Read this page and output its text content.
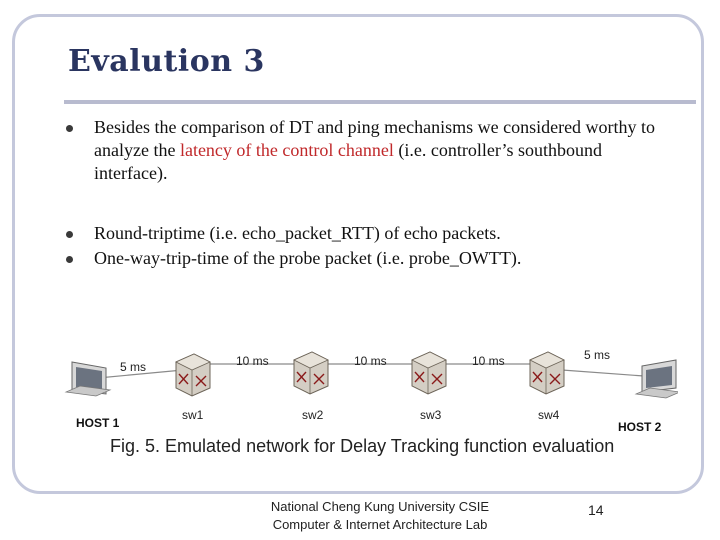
Evalution 3
Besides the comparison of DT and ping mechanisms we considered worthy to analyze the latency of the control channel (i.e. controller’s southbound interface).
Round-triptime (i.e. echo_packet_RTT) of echo packets.
One-way-trip-time of the probe packet (i.e. probe_OWTT).
5 ms	10 ms	10 ms	10 ms	5 ms
HOST 1
sw1	sw2	sw3	sw4
HOST 2
Fig. 5. Emulated network for Delay Tracking function evaluation
National Cheng Kung University CSIE
Computer & Internet Architecture Lab
14
